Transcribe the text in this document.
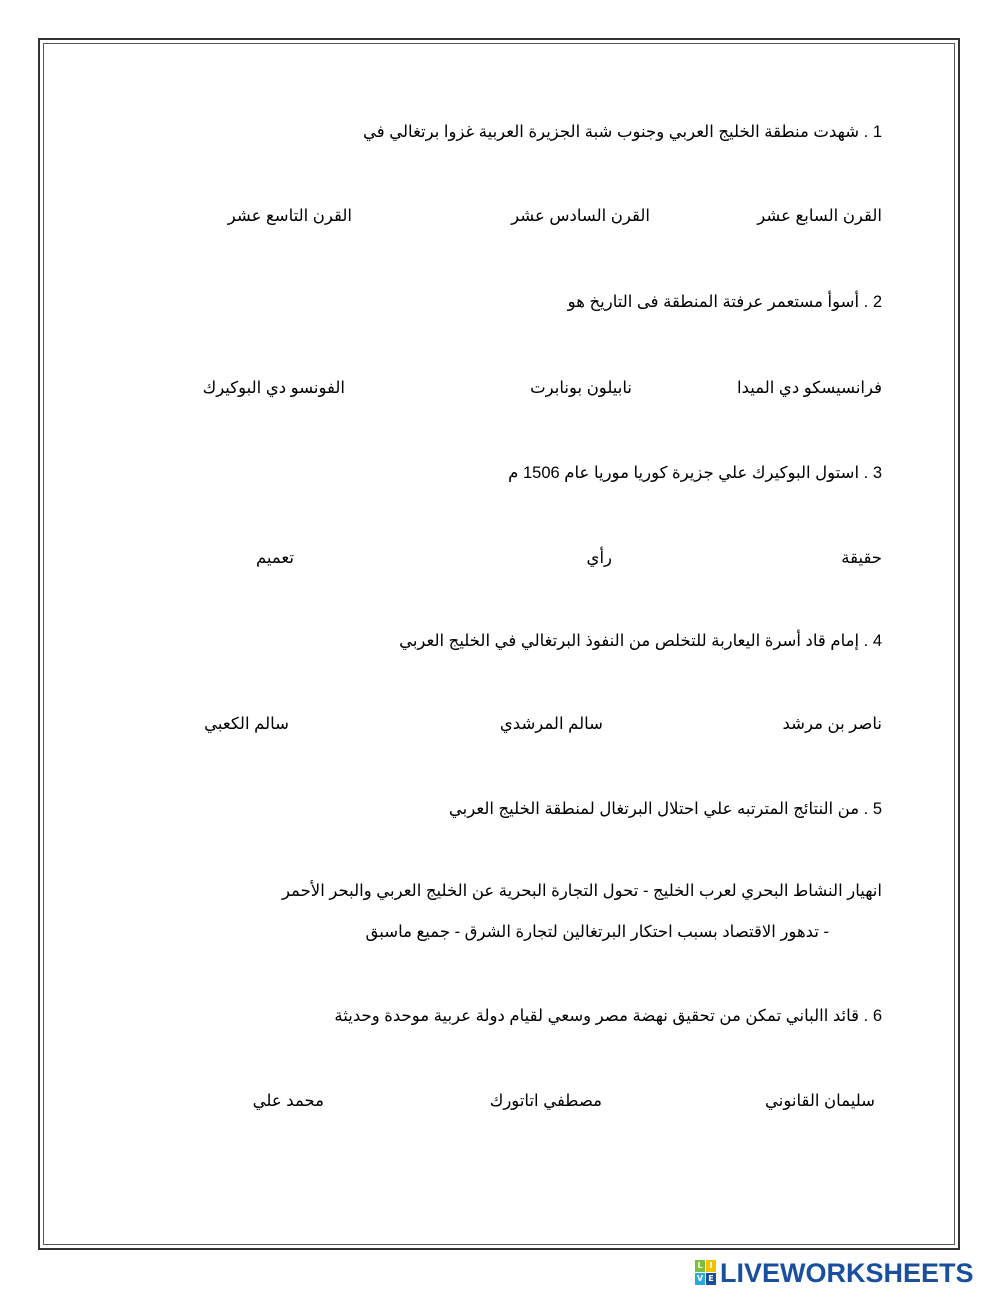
1 . شهدت منطقة الخليج العربي وجنوب شبة الجزيرة العربية غزوا برتغالي في
القرن السابع عشر
القرن السادس عشر
القرن التاسع عشر
2 . أسوأ مستعمر عرفتة المنطقة فى التاريخ هو
فرانسيسكو دي الميدا
نابيلون بونابرت
الفونسو دي البوكيرك
3 . استول البوكيرك علي جزيرة كوريا موريا عام 1506 م
حقيقة
رأي
تعميم
4 . إمام قاد أسرة اليعاربة للتخلص من النفوذ البرتغالي في الخليج العربي
ناصر بن مرشد
سالم المرشدي
سالم الكعبي
5 . من النتائج المترتبه علي احتلال البرتغال لمنطقة الخليج العربي
انهيار النشاط البحري لعرب الخليج - تحول التجارة البحرية عن الخليج العربي والبحر الأحمر
- تدهور الاقتصاد بسبب احتكار البرتغالين لتجارة الشرق - جميع ماسبق
6 . قائد االباني تمكن من تحقيق نهضة مصر وسعي لقيام دولة عربية موحدة وحديثة
سليمان القانوني
مصطفي اتاتورك
محمد علي
L I
V E LIVEWORKSHEETS
